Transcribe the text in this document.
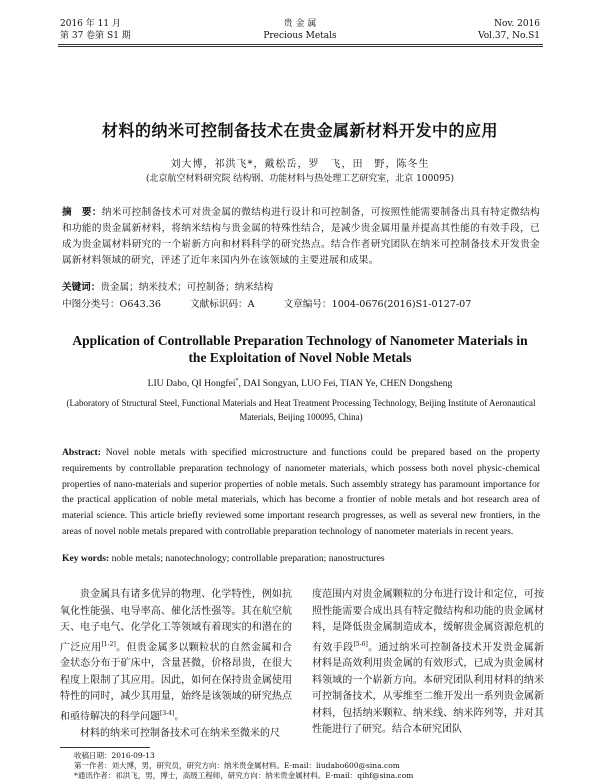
2016 年 11 月
第 37 卷第 S1 期
贵 金 属
Precious Metals
Nov. 2016
Vol.37, No.S1
材料的纳米可控制备技术在贵金属新材料开发中的应用
刘大博，祁洪飞*，戴松岳，罗　飞，田　野，陈冬生
(北京航空材料研究院 结构钢、功能材料与热处理工艺研究室，北京 100095)
摘　要：纳米可控制备技术可对贵金属的微结构进行设计和可控制备，可按照性能需要制备出具有特定微结构和功能的贵金属新材料，将纳米结构与贵金属的特殊性结合，是减少贵金属用量并提高其性能的有效手段，已成为贵金属材料研究的一个崭新方向和材料科学的研究热点。结合作者研究团队在纳米可控制备技术开发贵金属新材料领域的研究，评述了近年来国内外在该领域的主要进展和成果。
关键词：贵金属；纳米技术；可控制备；纳米结构
中图分类号：O643.36	文献标识码：A	文章编号：1004-0676(2016)S1-0127-07
Application of Controllable Preparation Technology of Nanometer Materials in the Exploitation of Novel Noble Metals
LIU Dabo, QI Hongfei*, DAI Songyan, LUO Fei, TIAN Ye, CHEN Dongsheng
(Laboratory of Structural Steel, Functional Materials and Heat Treatment Processing Technology, Beijing Institute of Aeronautical Materials, Beijing 100095, China)
Abstract: Novel noble metals with specified microstructure and functions could be prepared based on the property requirements by controllable preparation technology of nanometer materials, which possess both novel physic-chemical properties of nano-materials and superior properties of noble metals. Such assembly strategy has paramount importance for the practical application of noble metal materials, which has become a frontier of noble metals and hot research area of material science. This article briefly reviewed some important research progresses, as well as several new frontiers, in the areas of novel noble metals prepared with controllable preparation technology of nanometer materials in recent years.
Key words: noble metals; nanotechnology; controllable preparation; nanostructures

贵金属具有诸多优异的物理、化学特性，例如抗氧化性能强、电导率高、催化活性强等。其在航空航天、电子电气、化学化工等领域有着现实的和潜在的广泛应用[1-2]。但贵金属多以颗粒状的自然金属和合金状态分布于矿床中，含量甚微，价格昂贵，在很大程度上限制了其应用。因此，如何在保持贵金属使用特性的同时，减少其用量，始终是该领域的研究热点和亟待解决的科学问题[3-4]。

材料的纳米可控制备技术可在纳米至微米的尺

度范围内对贵金属颗粒的分布进行设计和定位，可按照性能需要合成出具有特定微结构和功能的贵金属材料，是降低贵金属制造成本，缓解贵金属资源危机的有效手段[5-6]。通过纳米可控制备技术开发贵金属新材料是高效利用贵金属的有效形式，已成为贵金属材料领域的一个崭新方向。本研究团队利用材料的纳米可控制备技术，从零维至二维开发出一系列贵金属新材料，包括纳米颗粒、纳米线、纳米阵列等，并对其性能进行了研究。结合本研究团队

收稿日期：2016-09-13
第一作者：刘大博，男，研究员，研究方向：纳米贵金属材料。E-mail：liudabo600@sina.com
*通讯作者：祁洪飞，男，博士，高级工程师，研究方向：纳米贵金属材料。E-mail：qihf@sina.com
